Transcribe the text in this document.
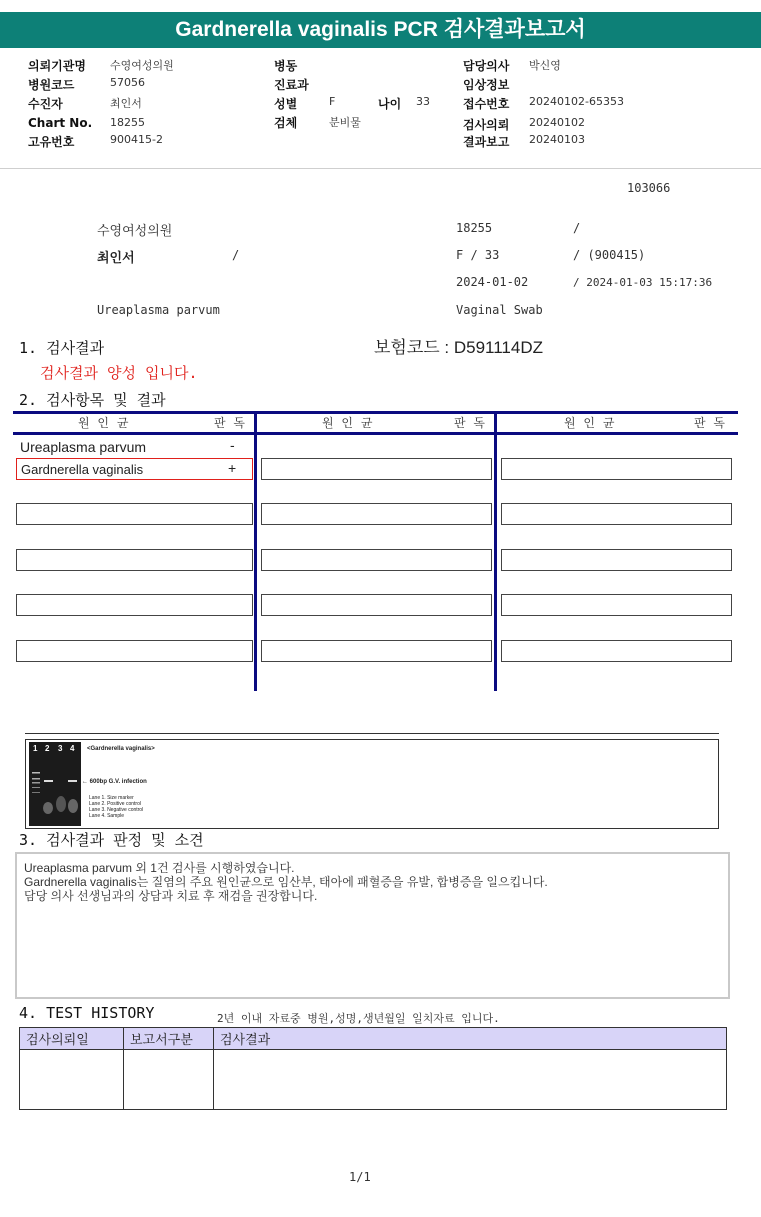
Gardnerella vaginalis PCR 검사결과보고서
의뢰기관명 수영여성의원
병원코드	57056
수진자	최인서
Chart No. 18255
고유번호	900415-2
병동
진료과
성별	F	나이 33
검체	분비물
담당의사 박신영
임상정보
접수번호 20240102-65353
검사의뢰 20240102
결과보고 20240103
103066
수영여성의원	18255	/
최인서	/	F / 33	/ (900415)
2024-01-02	/ 2024-01-03 15:17:36
Ureaplasma parvum	Vaginal Swab
1. 검사결과	보험코드 : D591114DZ
검사결과 양성 입니다.
2. 검사항목 및 결과
원 인 균	판 독	원 인 균	판 독	원 인 균	판 독
Ureaplasma parvum	-
Gardnerella vaginalis	+
1 2 3 4 <Gardnerella vaginalis>
← 600bp G.V. infection
Lane 1. Size marker
Lane 2. Positive control
Lane 3. Negative control
Lane 4. Sample
3. 검사결과 판정 및 소견
Ureaplasma parvum 외 1건 검사를 시행하였습니다.
Gardnerella vaginalis는 질염의 주요 원인균으로 임산부, 태아에 패혈증을 유발, 합병증을 일으킵니다.
담당 의사 선생님과의 상담과 치료 후 재검을 권장합니다.
4. TEST HISTORY	2년 이내 자료중 병원,성명,생년월일 일치자료 입니다.
검사의뢰일	보고서구분	검사결과

1/1
